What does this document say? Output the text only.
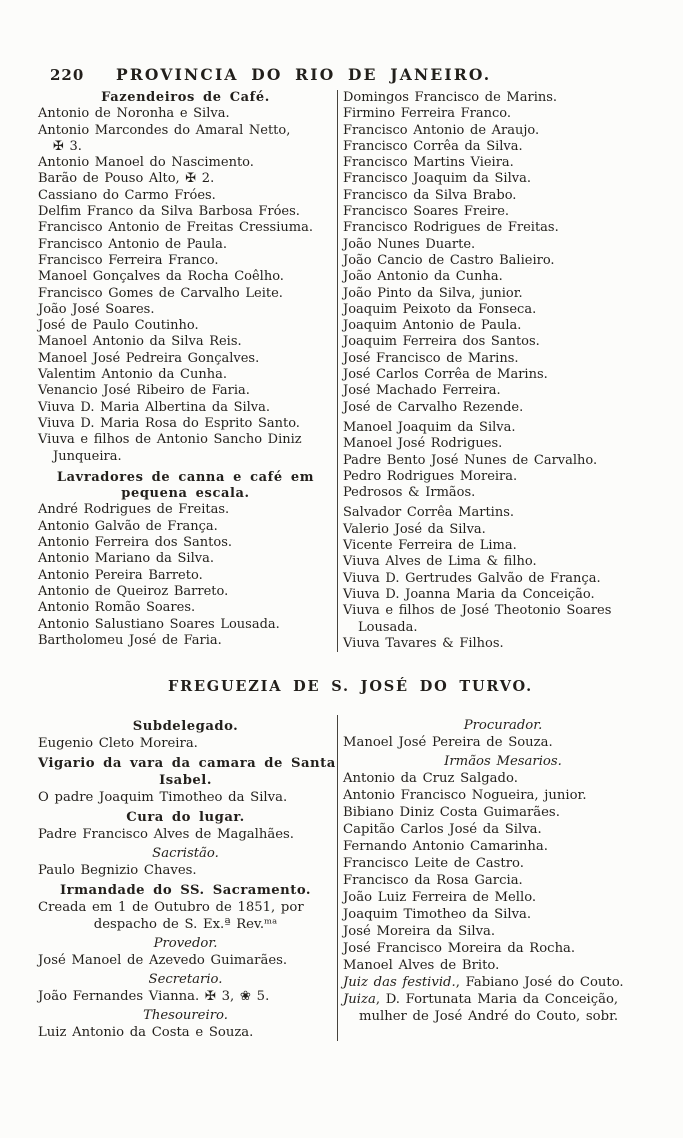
220 PROVINCIA DO RIO DE JANEIRO.
Fazendeiros de Café.
Antonio de Noronha e Silva.
Antonio Marcondes do Amaral Netto,
✠ 3.
Antonio Manoel do Nascimento.
Barão de Pouso Alto, ✠ 2.
Cassiano do Carmo Fróes.
Delfim Franco da Silva Barbosa Fróes.
Francisco Antonio de Freitas Cressiuma.
Francisco Antonio de Paula.
Francisco Ferreira Franco.
Manoel Gonçalves da Rocha Coêlho.
Francisco Gomes de Carvalho Leite.
João José Soares.
José de Paulo Coutinho.
Manoel Antonio da Silva Reis.
Manoel José Pedreira Gonçalves.
Valentim Antonio da Cunha.
Venancio José Ribeiro de Faria.
Viuva D. Maria Albertina da Silva.
Viuva D. Maria Rosa do Esprito Santo.
Viuva e filhos de Antonio Sancho Diniz
Junqueira.
Lavradores de canna e café em
pequena escala.
André Rodrigues de Freitas.
Antonio Galvão de França.
Antonio Ferreira dos Santos.
Antonio Mariano da Silva.
Antonio Pereira Barreto.
Antonio de Queiroz Barreto.
Antonio Romão Soares.
Antonio Salustiano Soares Lousada.
Bartholomeu José de Faria.
Domingos Francisco de Marins.
Firmino Ferreira Franco.
Francisco Antonio de Araujo.
Francisco Corrêa da Silva.
Francisco Martins Vieira.
Francisco Joaquim da Silva.
Francisco da Silva Brabo.
Francisco Soares Freire.
Francisco Rodrigues de Freitas.
João Nunes Duarte.
João Cancio de Castro Balieiro.
João Antonio da Cunha.
João Pinto da Silva, junior.
Joaquim Peixoto da Fonseca.
Joaquim Antonio de Paula.
Joaquim Ferreira dos Santos.
José Francisco de Marins.
José Carlos Corrêa de Marins.
José Machado Ferreira.
José de Carvalho Rezende.
Manoel Joaquim da Silva.
Manoel José Rodrigues.
Padre Bento José Nunes de Carvalho.
Pedro Rodrigues Moreira.
Pedrosos & Irmãos.
Salvador Corrêa Martins.
Valerio José da Silva.
Vicente Ferreira de Lima.
Viuva Alves de Lima & filho.
Viuva D. Gertrudes Galvão de França.
Viuva D. Joanna Maria da Conceição.
Viuva e filhos de José Theotonio Soares
Lousada.
Viuva Tavares & Filhos.
FREGUEZIA DE S. JOSÉ DO TURVO.
Subdelegado.
Eugenio Cleto Moreira.
Vigario da vara da camara de Santa
Isabel.
O padre Joaquim Timotheo da Silva.
Cura do lugar.
Padre Francisco Alves de Magalhães.
Sacristão.
Paulo Begnizio Chaves.
Irmandade do SS. Sacramento.
Creada em 1 de Outubro de 1851, por
despacho de S. Ex.ª Rev.ᵐᵃ
Provedor.
José Manoel de Azevedo Guimarães.
Secretario.
João Fernandes Vianna. ✠ 3, ❀ 5.
Thesoureiro.
Luiz Antonio da Costa e Souza.
Procurador.
Manoel José Pereira de Souza.
Irmãos Mesarios.
Antonio da Cruz Salgado.
Antonio Francisco Nogueira, junior.
Bibiano Diniz Costa Guimarães.
Capitão Carlos José da Silva.
Fernando Antonio Camarinha.
Francisco Leite de Castro.
Francisco da Rosa Garcia.
João Luiz Ferreira de Mello.
Joaquim Timotheo da Silva.
José Moreira da Silva.
José Francisco Moreira da Rocha.
Manoel Alves de Brito.
Juiz das festivid., Fabiano José do Couto.
Juiza, D. Fortunata Maria da Conceição,
mulher de José André do Couto, sobr.
